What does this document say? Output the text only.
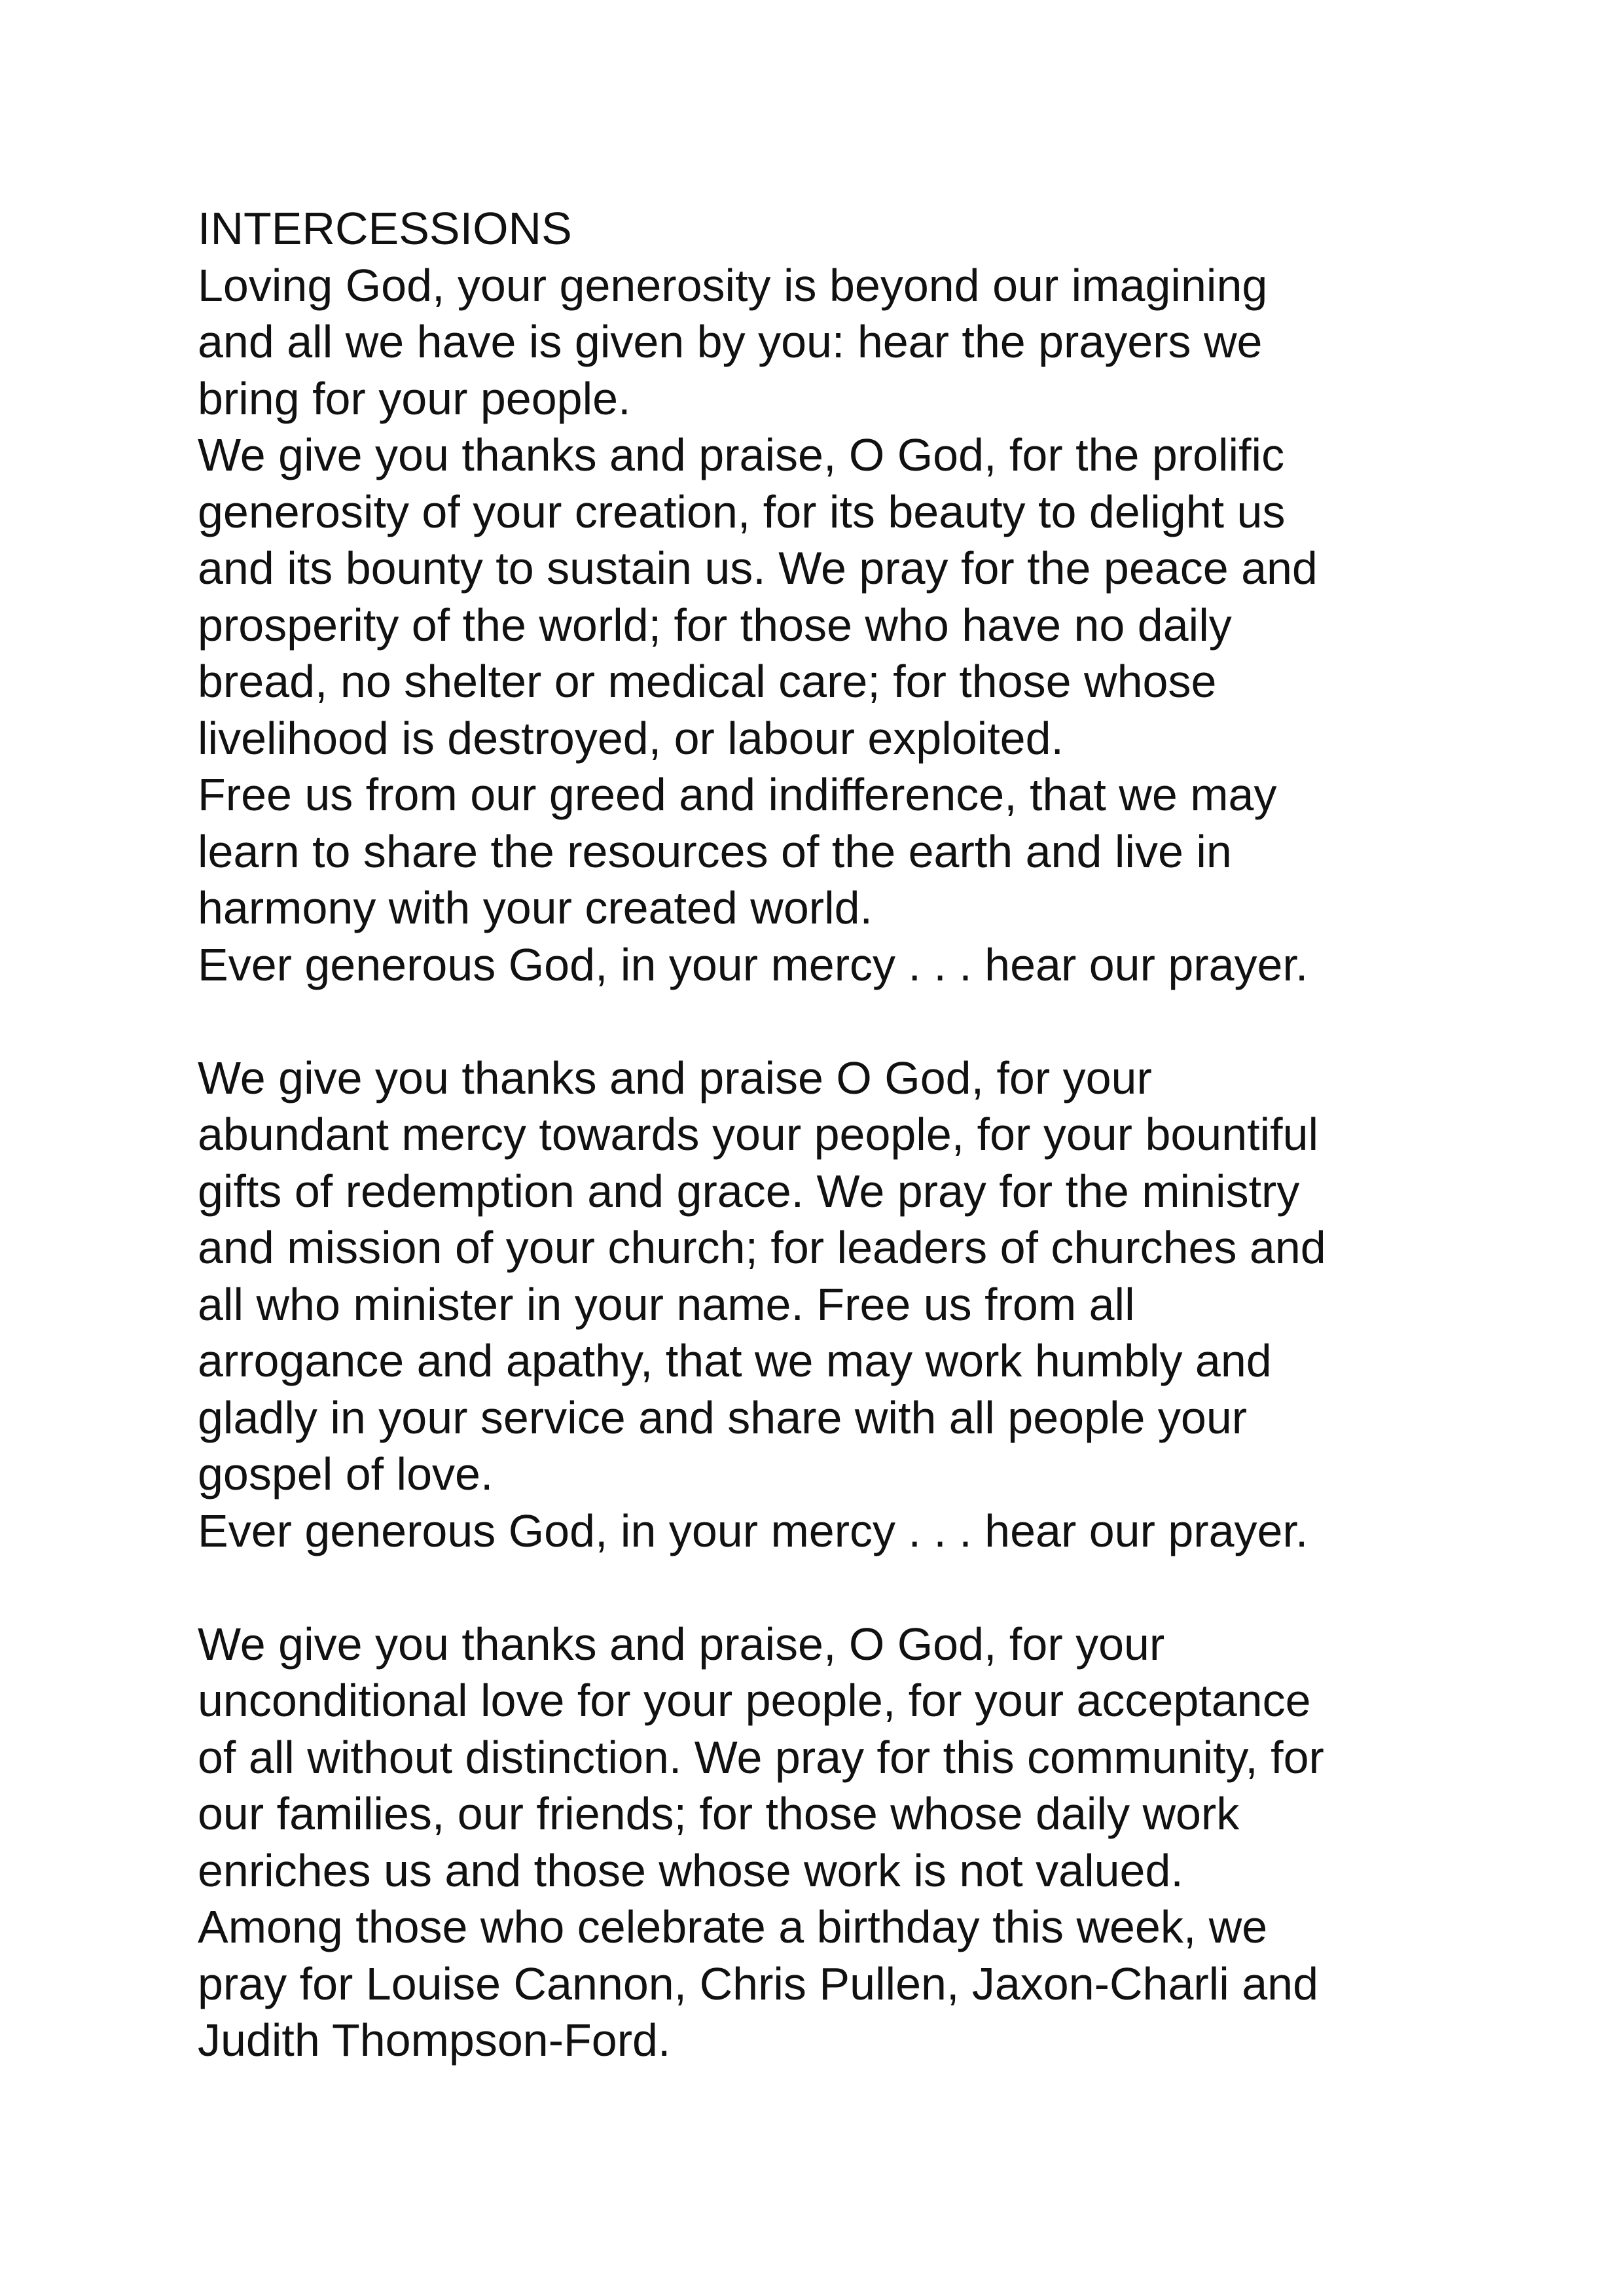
INTERCESSIONS
Loving God, your generosity is beyond our imagining
and all we have is given by you: hear the prayers we
bring for your people.
We give you thanks and praise, O God, for the prolific
generosity of your creation, for its beauty to delight us
and its bounty to sustain us. We pray for the peace and
prosperity of the world; for those who have no daily
bread, no shelter or medical care; for those whose
livelihood is destroyed, or labour exploited.
Free us from our greed and indifference, that we may
learn to share the resources of the earth and live in
harmony with your created world.
Ever generous God, in your mercy . . . hear our prayer.
We give you thanks and praise O God, for your
abundant mercy towards your people, for your bountiful
gifts of redemption and grace. We pray for the ministry
and mission of your church; for leaders of churches and
all who minister in your name. Free us from all
arrogance and apathy, that we may work humbly and
gladly in your service and share with all people your
gospel of love.
Ever generous God, in your mercy . . . hear our prayer.
We give you thanks and praise, O God, for your
unconditional love for your people, for your acceptance
of all without distinction. We pray for this community, for
our families, our friends; for those whose daily work
enriches us and those whose work is not valued.
Among those who celebrate a birthday this week, we
pray for Louise Cannon, Chris Pullen, Jaxon-Charli and
Judith Thompson-Ford.
